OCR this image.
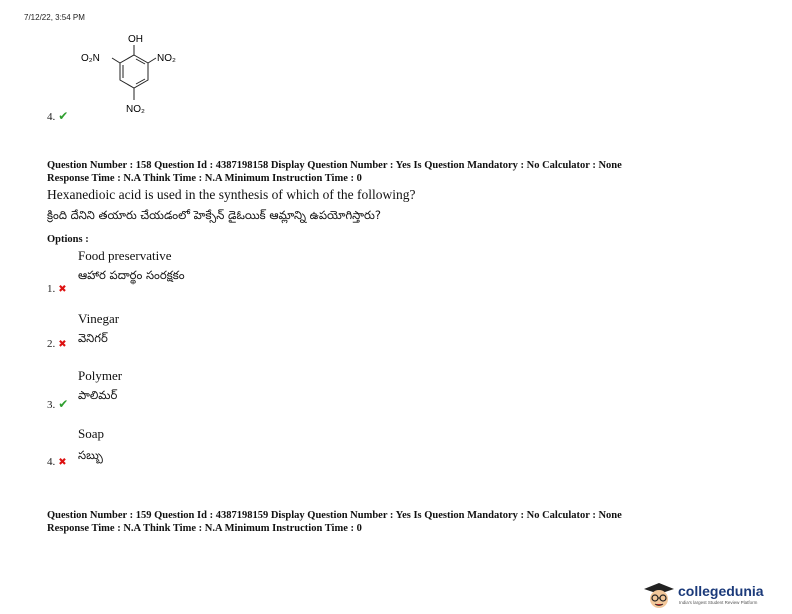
7/12/22, 3:54 PM
OH
O₂N	NO₂
NO₂
4. ✔
Question Number : 158 Question Id : 4387198158 Display Question Number : Yes Is Question Mandatory : No Calculator : None
Response Time : N.A Think Time : N.A Minimum Instruction Time : 0
Hexanedioic acid is used in the synthesis of which of the following?
క్రింది దేనిని తయారు చేయడంలో హెక్సేన్ డైఓయిక్ ఆమ్లాన్ని ఉపయోగిస్తారు?
Options :
Food preservative
ఆహార పదార్థం సంరక్షకం
1. ✖
Vinegar
వెనిగర్
2. ✖
Polymer
పాలిమర్
3. ✔
Soap
సబ్బు
4. ✖
Question Number : 159 Question Id : 4387198159 Display Question Number : Yes Is Question Mandatory : No Calculator : None
Response Time : N.A Think Time : N.A Minimum Instruction Time : 0
collegedunia
India's largest Student Review Platform
